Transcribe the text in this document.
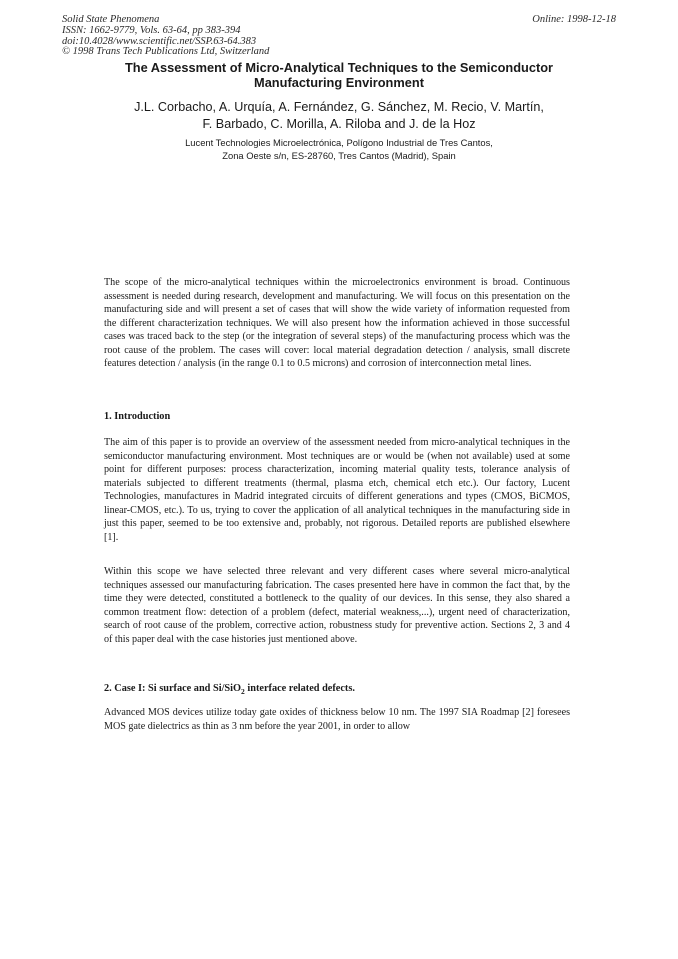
Solid State Phenomena
ISSN: 1662-9779, Vols. 63-64, pp 383-394
doi:10.4028/www.scientific.net/SSP.63-64.383
© 1998 Trans Tech Publications Ltd, Switzerland
Online: 1998-12-18
The Assessment of Micro-Analytical Techniques to the Semiconductor
Manufacturing Environment
J.L. Corbacho, A. Urquía, A. Fernández, G. Sánchez, M. Recio, V. Martín,
F. Barbado, C. Morilla, A. Riloba and J. de la Hoz
Lucent Technologies Microelectrónica, Polígono Industrial de Tres Cantos,
Zona Oeste s/n, ES-28760, Tres Cantos (Madrid), Spain

The scope of the micro-analytical techniques within the microelectronics environment is broad. Continuous assessment is needed during research, development and manufacturing. We will focus on this presentation on the manufacturing side and will present a set of cases that will show the wide variety of information requested from the different characterization techniques. We will also present how the information achieved in those successful cases was traced back to the step (or the integration of several steps) of the manufacturing process which was the root cause of the problem. The cases will cover: local material degradation detection / analysis, small discrete features detection / analysis (in the range 0.1 to 0.5 microns) and corrosion of interconnection metal lines.

1. Introduction

The aim of this paper is to provide an overview of the assessment needed from micro-analytical techniques in the semiconductor manufacturing environment. Most techniques are or would be (when not available) used at some point for different purposes: process characterization, incoming material quality tests, tolerance analysis of materials subjected to different treatments (thermal, plasma etch, chemical etch etc.). Our factory, Lucent Technologies, manufactures in Madrid integrated circuits of different generations and types (CMOS, BiCMOS, linear-CMOS, etc.). To us, trying to cover the application of all analytical techniques in the manufacturing side in just this paper, seemed to be too extensive and, probably, not rigorous. Detailed reports are published elsewhere [1].

Within this scope we have selected three relevant and very different cases where several micro-analytical techniques assessed our manufacturing fabrication. The cases presented here have in common the fact that, by the time they were detected, constituted a bottleneck to the quality of our devices. In this sense, they also shared a common treatment flow: detection of a problem (defect, material weakness,...), urgent need of characterization, search of root cause of the problem, corrective action, robustness study for preventive action. Sections 2, 3 and 4 of this paper deal with the case histories just mentioned above.

2. Case I: Si surface and Si/SiO$_2$ interface related defects.

Advanced MOS devices utilize today gate oxides of thickness below 10 nm. The 1997 SIA Roadmap [2] foresees MOS gate dielectrics as thin as 3 nm before the year 2001, in order to allow
